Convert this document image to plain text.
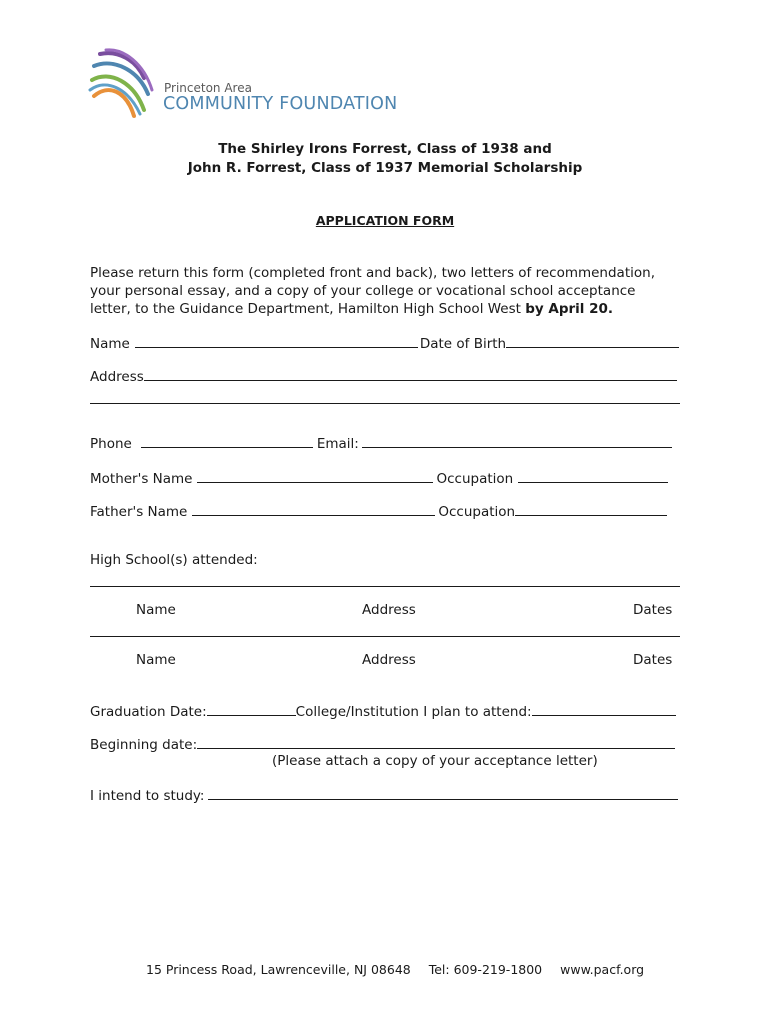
Princeton Area
COMMUNITY FOUNDATION
The Shirley Irons Forrest, Class of 1938 and
John R. Forrest, Class of 1937 Memorial Scholarship
APPLICATION FORM
Please return this form (completed front and back), two letters of recommendation,
your personal essay, and a copy of your college or vocational school acceptance
letter, to the Guidance Department, Hamilton High School West by April 20.
Name	Date of Birth
Address
Phone	Email:
Mother's Name	Occupation
Father's Name	Occupation
High School(s) attended:
Name	Address	Dates
Name	Address	Dates
Graduation Date:	College/Institution I plan to attend:
Beginning date:
(Please attach a copy of your acceptance letter)
I intend to study:
15 Princess Road, Lawrenceville, NJ 08648 Tel: 609-219-1800 www.pacf.org
